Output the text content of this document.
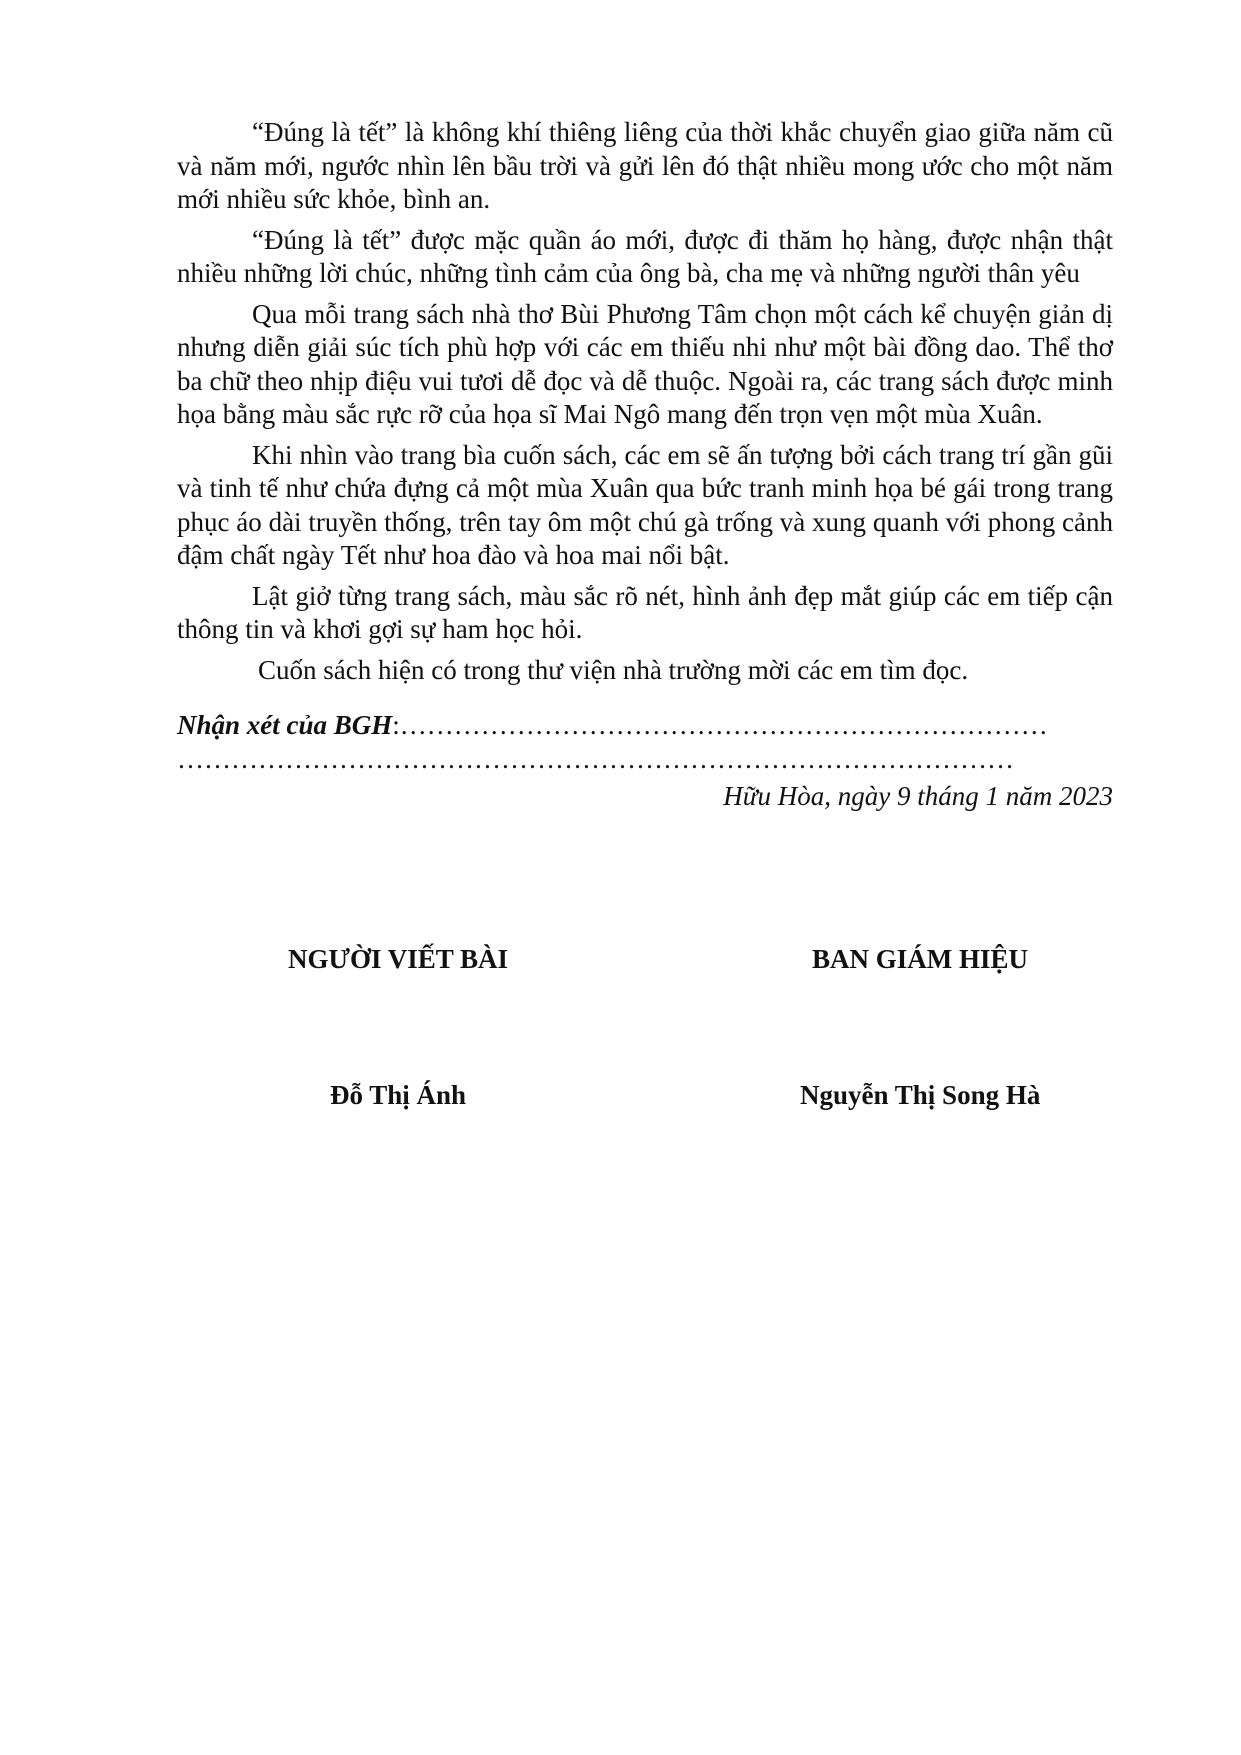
“Đúng là tết” là không khí thiêng liêng của thời khắc chuyển giao giữa năm cũ và năm mới, ngước nhìn lên bầu trời và gửi lên đó thật nhiều mong ước cho một năm mới nhiều sức khỏe, bình an.

“Đúng là tết” được mặc quần áo mới, được đi thăm họ hàng, được nhận thật nhiều những lời chúc, những tình cảm của ông bà, cha mẹ và những người thân yêu

Qua mỗi trang sách nhà thơ Bùi Phương Tâm chọn một cách kể chuyện giản dị nhưng diễn giải súc tích phù hợp với các em thiếu nhi như một bài đồng dao. Thể thơ ba chữ theo nhịp điệu vui tươi dễ đọc và dễ thuộc. Ngoài ra, các trang sách được minh họa bằng màu sắc rực rỡ của họa sĩ Mai Ngô mang đến trọn vẹn một mùa Xuân.

Khi nhìn vào trang bìa cuốn sách, các em sẽ ấn tượng bởi cách trang trí gần gũi và tinh tế như chứa đựng cả một mùa Xuân qua bức tranh minh họa bé gái trong trang phục áo dài truyền thống, trên tay ôm một chú gà trống và xung quanh với phong cảnh đậm chất ngày Tết như hoa đào và hoa mai nổi bật.

Lật giở từng trang sách, màu sắc rõ nét, hình ảnh đẹp mắt giúp các em tiếp cận thông tin và khơi gợi sự ham học hỏi.

Cuốn sách hiện có trong thư viện nhà trường mời các em tìm đọc.

Nhận xét của BGH:………………………………………………………………
…………………………………………………………………………………
Hữu Hòa, ngày 9 tháng 1 năm 2023
NGƯỜI VIẾT BÀI	BAN GIÁM HIỆU
Đỗ Thị Ánh	Nguyễn Thị Song Hà
